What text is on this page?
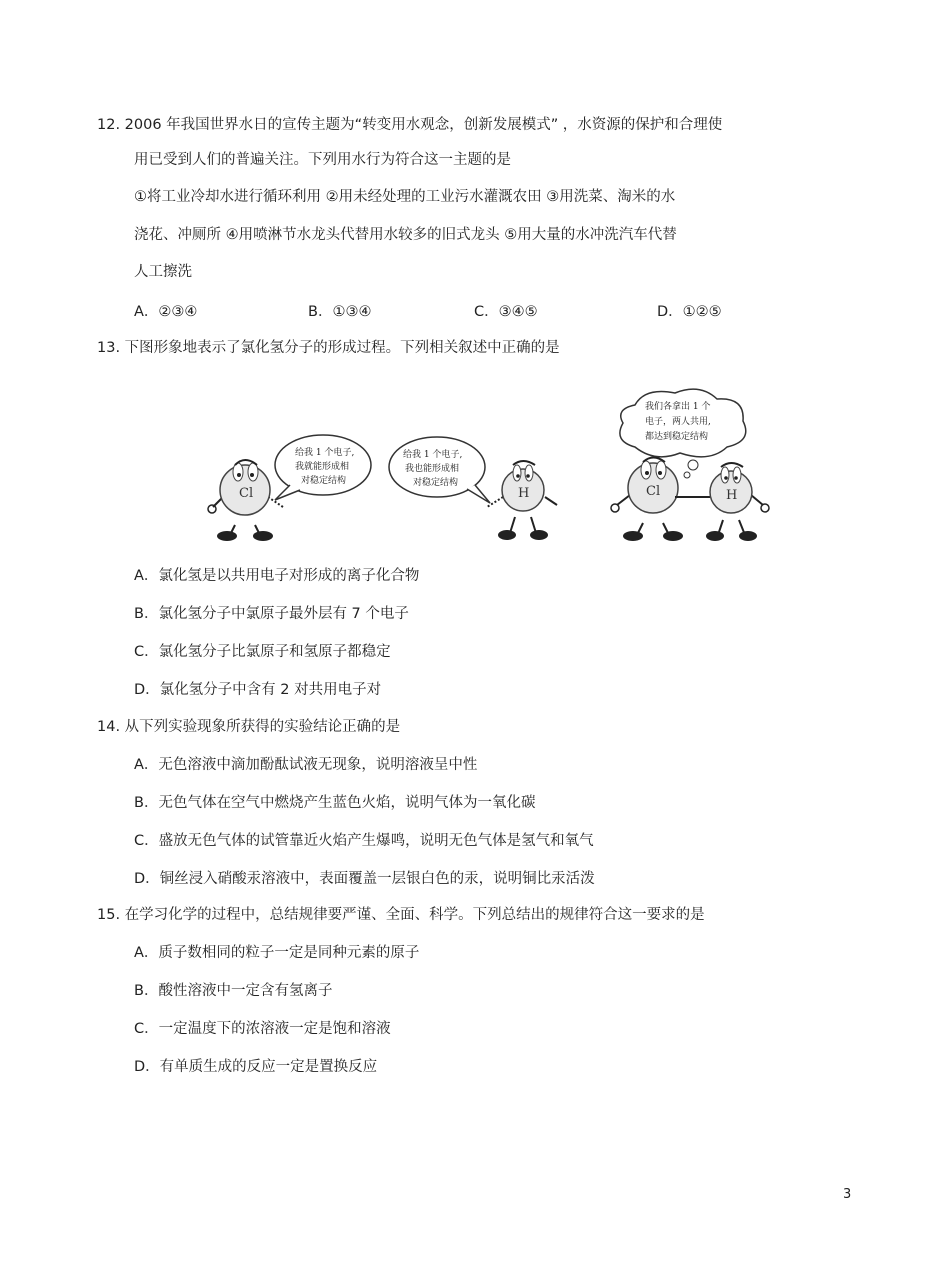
12. 2006 年我国世界水日的宣传主题为“转变用水观念，创新发展模式” ，水资源的保护和合理使
用已受到人们的普遍关注。下列用水行为符合这一主题的是
①将工业冷却水进行循环利用 ②用未经处理的工业污水灌溉农田 ③用洗菜、淘米的水
浇花、冲厕所 ④用喷淋节水龙头代替用水较多的旧式龙头 ⑤用大量的水冲洗汽车代替
人工擦洗
A．②③④	B．①③④	C．③④⑤	D．①②⑤
13. 下图形象地表示了氯化氢分子的形成过程。下列相关叙述中正确的是
Cl
给我 1 个电子,
我就能形成相
对稳定结构
给我 1 个电子,
我也能形成相
对稳定结构
H
我们各拿出 1 个
电子，两人共用,
都达到稳定结构
Cl	H
A．氯化氢是以共用电子对形成的离子化合物
B．氯化氢分子中氯原子最外层有 7 个电子
C．氯化氢分子比氯原子和氢原子都稳定
D．氯化氢分子中含有 2 对共用电子对
14. 从下列实验现象所获得的实验结论正确的是
A．无色溶液中滴加酚酞试液无现象，说明溶液呈中性
B．无色气体在空气中燃烧产生蓝色火焰，说明气体为一氧化碳
C．盛放无色气体的试管靠近火焰产生爆鸣，说明无色气体是氢气和氧气
D．铜丝浸入硝酸汞溶液中，表面覆盖一层银白色的汞，说明铜比汞活泼
15. 在学习化学的过程中，总结规律要严谨、全面、科学。下列总结出的规律符合这一要求的是
A．质子数相同的粒子一定是同种元素的原子
B．酸性溶液中一定含有氢离子
C．一定温度下的浓溶液一定是饱和溶液
D．有单质生成的反应一定是置换反应
3
